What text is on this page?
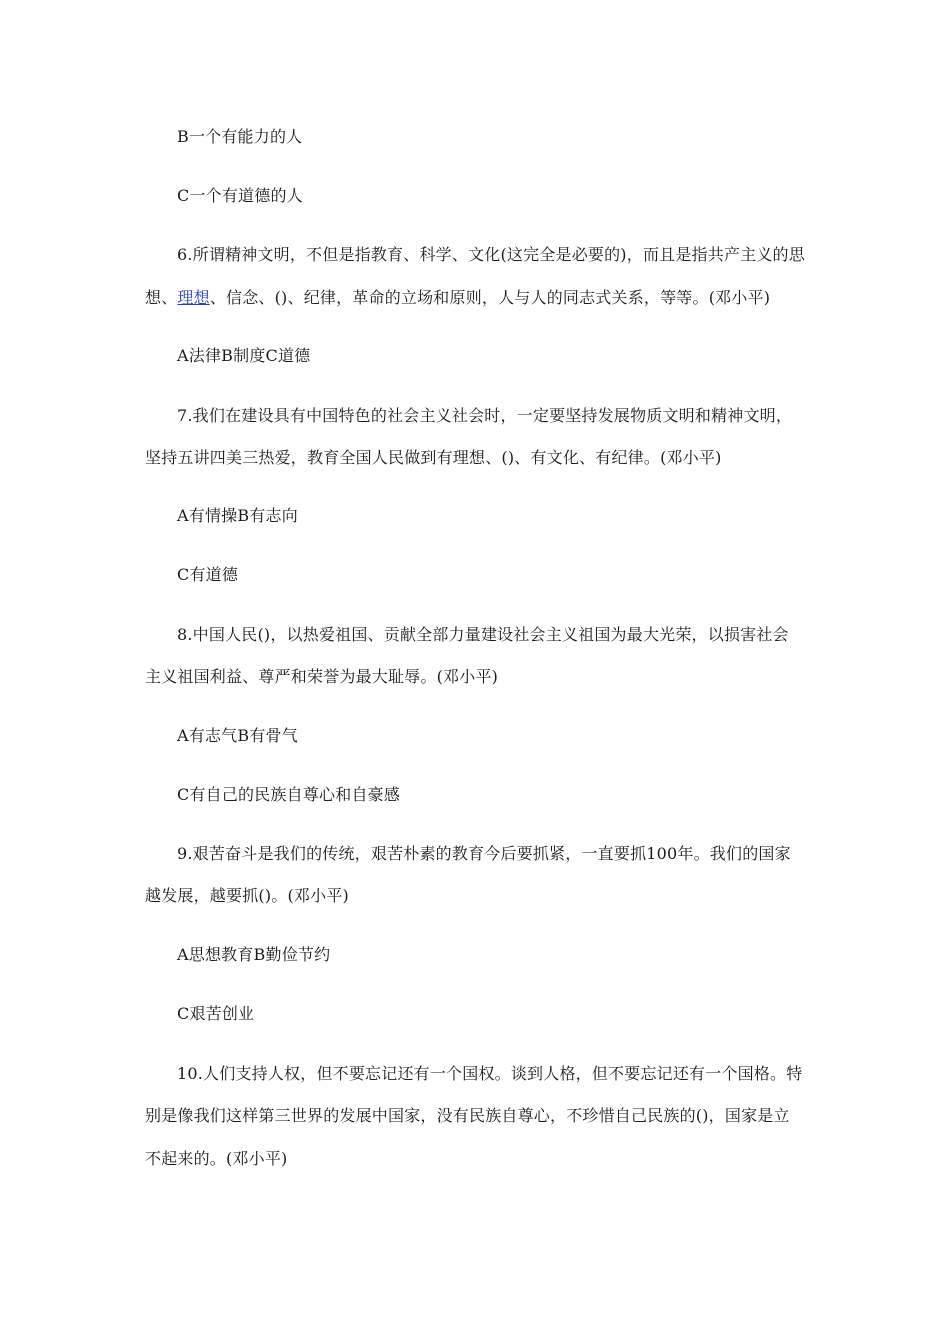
B一个有能力的人
C一个有道德的人
6.所谓精神文明，不但是指教育、科学、文化(这完全是必要的)，而且是指共产主义的思
想、理想、信念、()、纪律，革命的立场和原则，人与人的同志式关系，等等。(邓小平)
A法律B制度C道德
7.我们在建设具有中国特色的社会主义社会时，一定要坚持发展物质文明和精神文明，
坚持五讲四美三热爱，教育全国人民做到有理想、()、有文化、有纪律。(邓小平)
A有情操B有志向
C有道德
8.中国人民()，以热爱祖国、贡献全部力量建设社会主义祖国为最大光荣，以损害社会
主义祖国利益、尊严和荣誉为最大耻辱。(邓小平)
A有志气B有骨气
C有自己的民族自尊心和自豪感
9.艰苦奋斗是我们的传统，艰苦朴素的教育今后要抓紧，一直要抓100年。我们的国家
越发展，越要抓()。(邓小平)
A思想教育B勤俭节约
C艰苦创业
10.人们支持人权，但不要忘记还有一个国权。谈到人格，但不要忘记还有一个国格。特
别是像我们这样第三世界的发展中国家，没有民族自尊心，不珍惜自己民族的()，国家是立
不起来的。(邓小平)
